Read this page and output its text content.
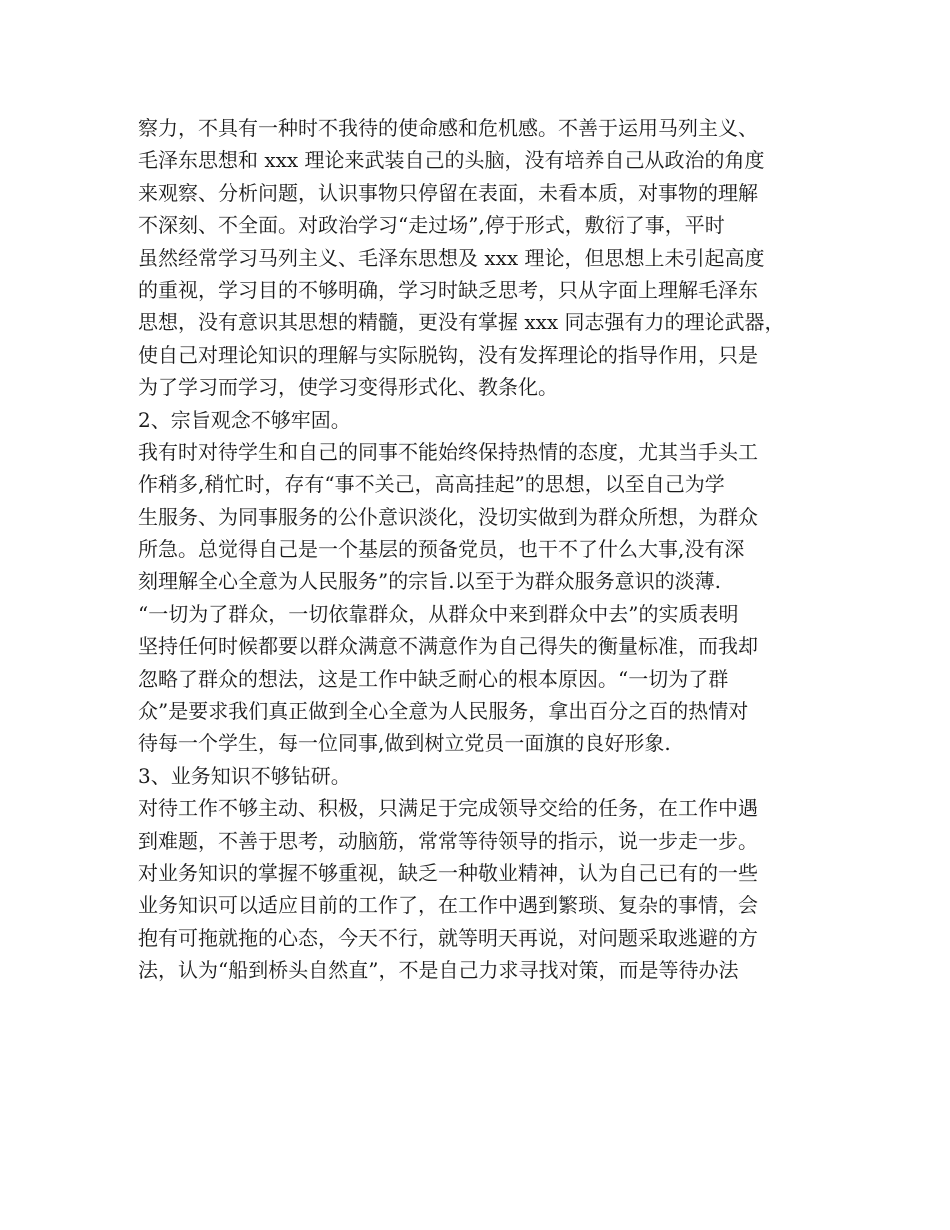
察力，不具有一种时不我待的使命感和危机感。不善于运用马列主义、
毛泽东思想和 xxx 理论来武装自己的头脑，没有培养自己从政治的角度
来观察、分析问题，认识事物只停留在表面，未看本质，对事物的理解
不深刻、不全面。对政治学习“走过场”,停于形式，敷衍了事，平时
虽然经常学习马列主义、毛泽东思想及 xxx 理论，但思想上未引起高度
的重视，学习目的不够明确，学习时缺乏思考，只从字面上理解毛泽东
思想，没有意识其思想的精髓，更没有掌握 xxx 同志强有力的理论武器，
使自己对理论知识的理解与实际脱钩，没有发挥理论的指导作用，只是
为了学习而学习，使学习变得形式化、教条化。
2、宗旨观念不够牢固。
我有时对待学生和自己的同事不能始终保持热情的态度，尤其当手头工
作稍多,稍忙时，存有“事不关己，高高挂起”的思想，以至自己为学
生服务、为同事服务的公仆意识淡化，没切实做到为群众所想，为群众
所急。总觉得自己是一个基层的预备党员，也干不了什么大事,没有深
刻理解全心全意为人民服务”的宗旨.以至于为群众服务意识的淡薄.
“一切为了群众，一切依靠群众，从群众中来到群众中去”的实质表明
坚持任何时候都要以群众满意不满意作为自己得失的衡量标准，而我却
忽略了群众的想法，这是工作中缺乏耐心的根本原因。“一切为了群
众”是要求我们真正做到全心全意为人民服务，拿出百分之百的热情对
待每一个学生，每一位同事,做到树立党员一面旗的良好形象.
3、业务知识不够钻研。
对待工作不够主动、积极，只满足于完成领导交给的任务，在工作中遇
到难题，不善于思考，动脑筋，常常等待领导的指示，说一步走一步。
对业务知识的掌握不够重视，缺乏一种敬业精神，认为自己已有的一些
业务知识可以适应目前的工作了，在工作中遇到繁琐、复杂的事情，会
抱有可拖就拖的心态，今天不行，就等明天再说，对问题采取逃避的方
法，认为“船到桥头自然直”，不是自己力求寻找对策，而是等待办法
